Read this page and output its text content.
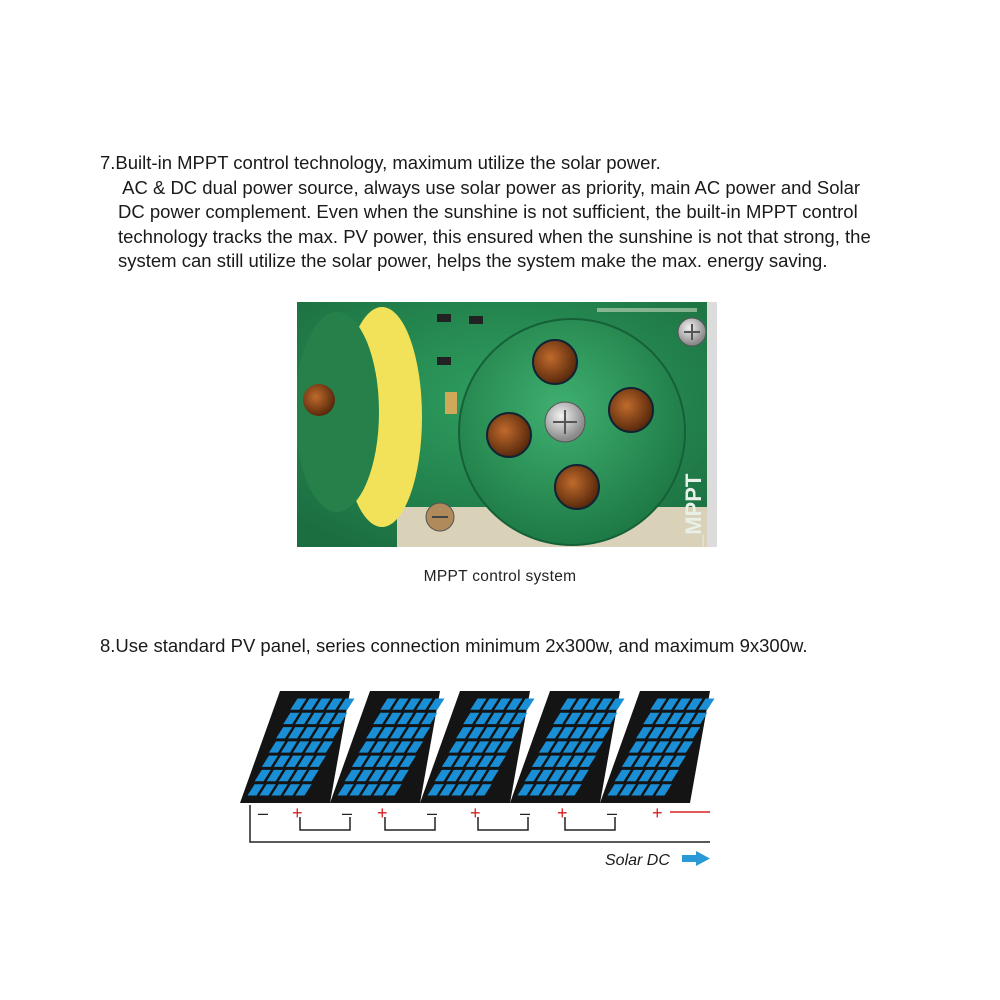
7.Built-in MPPT control technology, maximum utilize the solar power.
AC & DC dual power source, always use solar power as priority, main AC power and Solar
DC power complement. Even when the sunshine is not sufficient, the built-in MPPT control
technology tracks the max. PV power, this ensured when the sunshine is not that strong, the
system can still utilize the solar power, helps the system make the max. energy saving.
_MPPT
MPPT control system
8.Use standard PV panel, series connection minimum 2x300w, and maximum 9x300w.
– + – + – + – + – +
Solar DC
